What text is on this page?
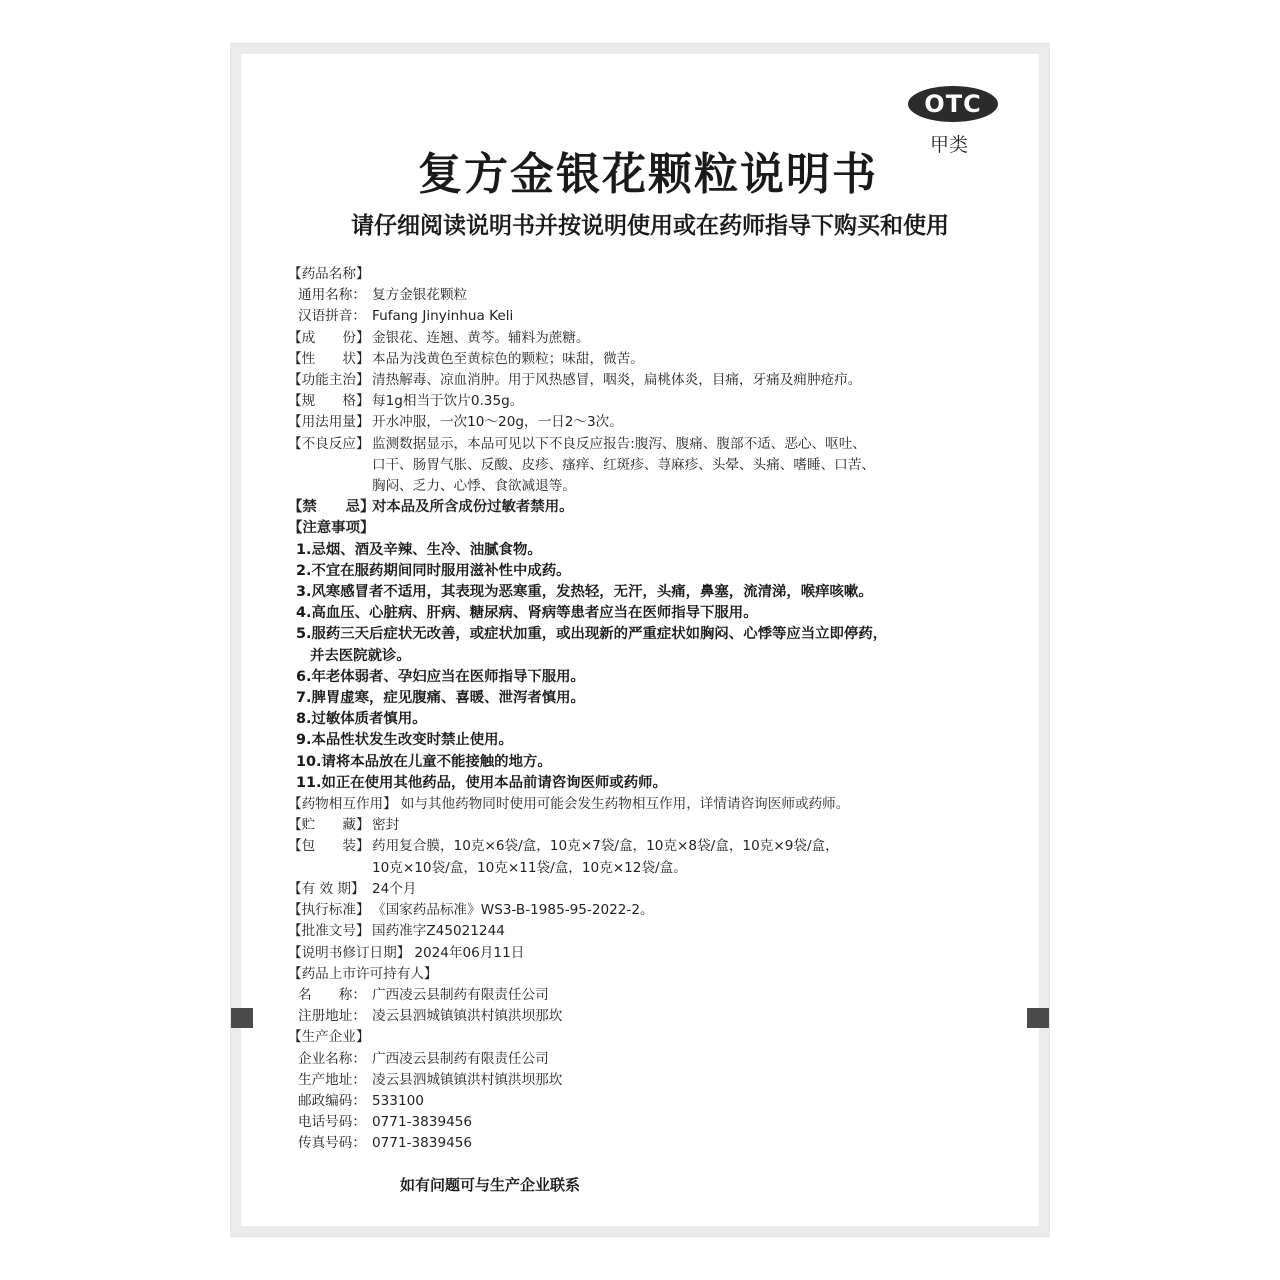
OTC
甲类
复方金银花颗粒说明书
请仔细阅读说明书并按说明使用或在药师指导下购买和使用
【药品名称】
通用名称： 复方金银花颗粒
汉语拼音： Fufang Jinyinhua Keli
【成　　份】 金银花、连翘、黄芩。辅料为蔗糖。
【性　　状】 本品为浅黄色至黄棕色的颗粒；味甜，微苦。
【功能主治】 清热解毒、凉血消肿。用于风热感冒，咽炎，扁桃体炎，目痛，牙痛及痈肿疮疖。
【规　　格】 每1g相当于饮片0.35g。
【用法用量】 开水冲服，一次10～20g，一日2～3次。
【不良反应】 监测数据显示，本品可见以下不良反应报告:腹泻、腹痛、腹部不适、恶心、呕吐、
口干、肠胃气胀、反酸、皮疹、瘙痒、红斑疹、荨麻疹、头晕、头痛、嗜睡、口苦、
胸闷、乏力、心悸、食欲减退等。
【禁　　忌】
对本品及所含成份过敏者禁用。
【注意事项】
1.忌烟、酒及辛辣、生冷、油腻食物。
2.不宜在服药期间同时服用滋补性中成药。
3.风寒感冒者不适用，其表现为恶寒重，发热轻，无汗，头痛，鼻塞，流清涕，喉痒咳嗽。
4.高血压、心脏病、肝病、糖尿病、肾病等患者应当在医师指导下服用。
5.服药三天后症状无改善，或症状加重，或出现新的严重症状如胸闷、心悸等应当立即停药，
并去医院就诊。
6.年老体弱者、孕妇应当在医师指导下服用。
7.脾胃虚寒，症见腹痛、喜暖、泄泻者慎用。
8.过敏体质者慎用。
9.本品性状发生改变时禁止使用。
10.请将本品放在儿童不能接触的地方。
11.如正在使用其他药品，使用本品前请咨询医师或药师。
【药物相互作用】 如与其他药物同时使用可能会发生药物相互作用，详情请咨询医师或药师。
【贮　　藏】 密封
【包　　装】 药用复合膜，10克×6袋/盒，10克×7袋/盒，10克×8袋/盒，10克×9袋/盒，
10克×10袋/盒，10克×11袋/盒，10克×12袋/盒。
【有 效 期】 24个月
【执行标准】 《国家药品标准》WS3-B-1985-95-2022-2。
【批准文号】 国药准字Z45021244
【说明书修订日期】 2024年06月11日
【药品上市许可持有人】
名　　称： 广西凌云县制药有限责任公司
注册地址： 凌云县泗城镇镇洪村镇洪坝那坎
【生产企业】
企业名称： 广西凌云县制药有限责任公司
生产地址： 凌云县泗城镇镇洪村镇洪坝那坎
邮政编码： 533100
电话号码： 0771-3839456
传真号码： 0771-3839456
如有问题可与生产企业联系
